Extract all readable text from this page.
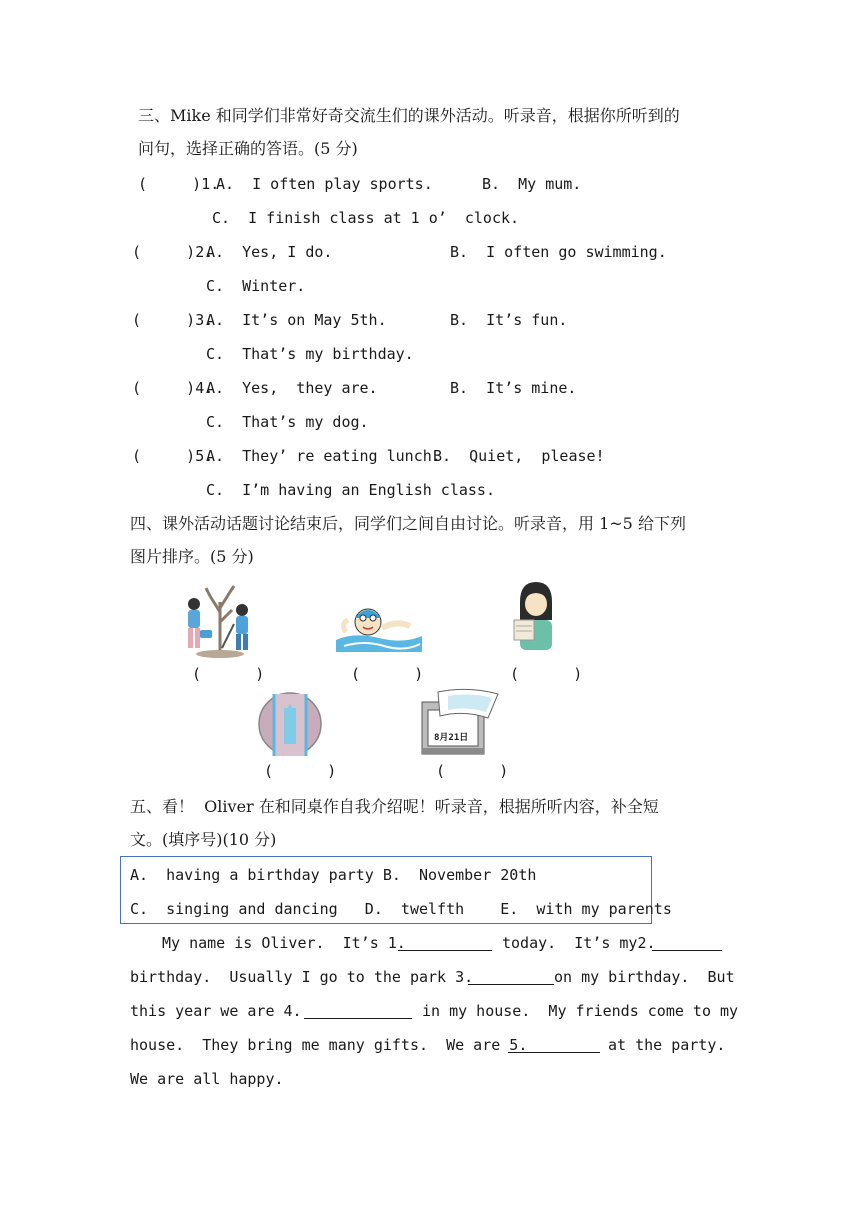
三、Mike 和同学们非常好奇交流生们的课外活动。听录音，根据你所听到的
问句，选择正确的答语。(5 分)
(     )1.
A.  I often play sports.	B.  My mum.
C.  I finish class at 1 o’  clock.
(     )2.
A.  Yes, I do.	B.  I often go swimming.
C.  Winter.
(     )3.
A.  It’s on May 5th.	B.  It’s fun.
C.  That’s my birthday.
(     )4.
A.  Yes,  they are.	B.  It’s mine.
C.  That’s my dog.
(     )5.
A.  They’ re eating lunch.
B.  Quiet,  please!
C.  I’m having an English class.
四、课外活动话题讨论结束后，同学们之间自由讨论。听录音，用 1~5 给下列
图片排序。(5 分)
(      )	(      )	(      )
8月21日
(      )	(      )
五、看！  Oliver 在和同桌作自我介绍呢！听录音，根据所听内容，补全短
文。(填序号)(10 分)
A.  having a birthday party B.  November 20th
C.  singing and dancing   D.  twelfth    E.  with my parents
My name is Oliver.  It’s 1.	today.  It’s my2.
birthday.  Usually I go to the park 3.	on my birthday.  But
this year we are 4.	in my house.  My friends come to my
house.  They bring me many gifts.  We are 5.	at the party.
We are all happy.
